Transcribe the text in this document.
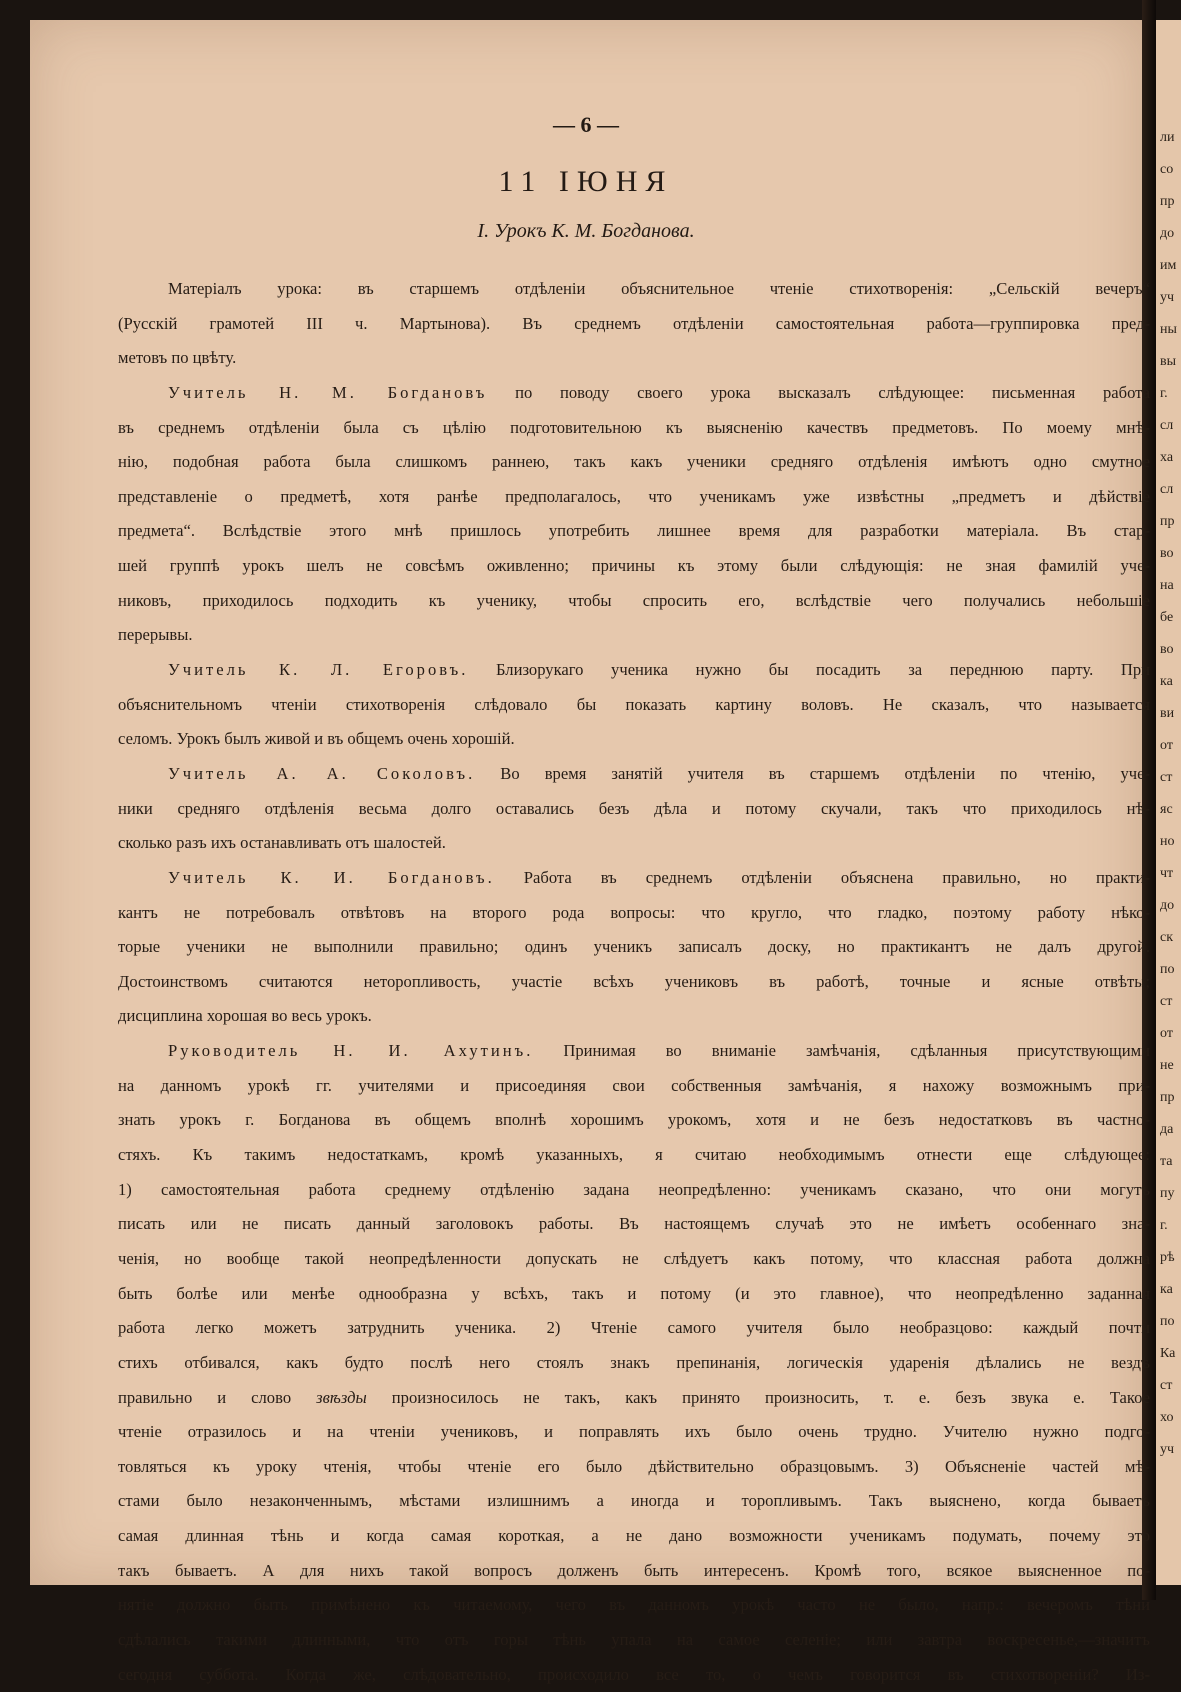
ли
со
пр
до
им
уч
ны
вы
г.
сл
ха
сл
пр
во
на
бе
во
ка
ви
от
ст
яс
но
чт
до
ск
по
ст
от
не
пр
да
та
пу
г.
рѣ
ка
по
Ка
ст
хо
уч
— 6 —
11 ІЮНЯ
I. Урокъ К. М. Богданова.
Матеріалъ урока: въ старшемъ отдѣленіи объяснительное чтеніе стихотворенія: „Сельскій вечеръ“
(Русскій грамотей III ч. Мартынова). Въ среднемъ отдѣленіи самостоятельная работа—группировка пред-
метовъ по цвѣту.
Учитель Н. М. Богдановъ по поводу своего урока высказалъ слѣдующее: письменная работа
въ среднемъ отдѣленіи была съ цѣлію подготовительною къ выясненію качествъ предметовъ. По моему мнѣ-
нію, подобная работа была слишкомъ раннею, такъ какъ ученики средняго отдѣленія имѣютъ одно смутное
представленіе о предметѣ, хотя ранѣе предполагалось, что ученикамъ уже извѣстны „предметъ и дѣйствіе
предмета“. Вслѣдствіе этого мнѣ пришлось употребить лишнее время для разработки матеріала. Въ стар-
шей группѣ урокъ шелъ не совсѣмъ оживленно; причины къ этому были слѣдующія: не зная фамилій уче-
никовъ, приходилось подходить къ ученику, чтобы спросить его, вслѣдствіе чего получались небольшіе
перерывы.
Учитель К. Л. Егоровъ. Близорукаго ученика нужно бы посадить за переднюю парту. При
объяснительномъ чтеніи стихотворенія слѣдовало бы показать картину воловъ. Не сказалъ, что называется
селомъ. Урокъ былъ живой и въ общемъ очень хорошій.
Учитель А. А. Соколовъ. Во время занятій учителя въ старшемъ отдѣленіи по чтенію, уче-
ники средняго отдѣленія весьма долго оставались безъ дѣла и потому скучали, такъ что приходилось нѣ-
сколько разъ ихъ останавливать отъ шалостей.
Учитель К. И. Богдановъ. Работа въ среднемъ отдѣленіи объяснена правильно, но практи-
кантъ не потребовалъ отвѣтовъ на второго рода вопросы: что кругло, что гладко, поэтому работу нѣко-
торые ученики не выполнили правильно; одинъ ученикъ записалъ доску, но практикантъ не далъ другой.
Достоинствомъ считаются неторопливость, участіе всѣхъ учениковъ въ работѣ, точные и ясные отвѣты;
дисциплина хорошая во весь урокъ.
Руководитель Н. И. Ахутинъ. Принимая во вниманіе замѣчанія, сдѣланныя присутствующими
на данномъ урокѣ гг. учителями и присоединяя свои собственныя замѣчанія, я нахожу возможнымъ при-
знать урокъ г. Богданова въ общемъ вполнѣ хорошимъ урокомъ, хотя и не безъ недостатковъ въ частно-
стяхъ. Къ такимъ недостаткамъ, кромѣ указанныхъ, я считаю необходимымъ отнести еще слѣдующее:
1) самостоятельная работа среднему отдѣленію задана неопредѣленно: ученикамъ сказано, что они могутъ
писать или не писать данный заголовокъ работы. Въ настоящемъ случаѣ это не имѣетъ особеннаго зна-
ченія, но вообще такой неопредѣленности допускать не слѣдуетъ какъ потому, что классная работа должна
быть болѣе или менѣе однообразна у всѣхъ, такъ и потому (и это главное), что неопредѣленно заданная
работа легко можетъ затруднить ученика. 2) Чтеніе самого учителя было необразцово: каждый почти
стихъ отбивался, какъ будто послѣ него стоялъ знакъ препинанія, логическія ударенія дѣлались не вездѣ
правильно и слово звѣзды произносилось не такъ, какъ принято произносить, т. е. безъ звука е. Такое
чтеніе отразилось и на чтеніи учениковъ, и поправлять ихъ было очень трудно. Учителю нужно подго-
товляться къ уроку чтенія, чтобы чтеніе его было дѣйствительно образцовымъ. 3) Объясненіе частей мѣ-
стами было незаконченнымъ, мѣстами излишнимъ а иногда и торопливымъ. Такъ выяснено, когда бываетъ
самая длинная тѣнь и когда самая короткая, а не дано возможности ученикамъ подумать, почему это
такъ бываетъ. А для нихъ такой вопросъ долженъ быть интересенъ. Кромѣ того, всякое выясненное по-
нятіе должно быть примѣнено къ читаемому, чего въ данномъ урокѣ часто не было, напр.: вечеромъ тѣни
сдѣлались такими длинными, что отъ горы тѣнь упала на самое селеніе; или завтра воскресенье,—значитъ
сегодня суббота. Когда же, слѣдовательно, происходило все то, о чемъ говорится въ стихотвореніи? Из-
